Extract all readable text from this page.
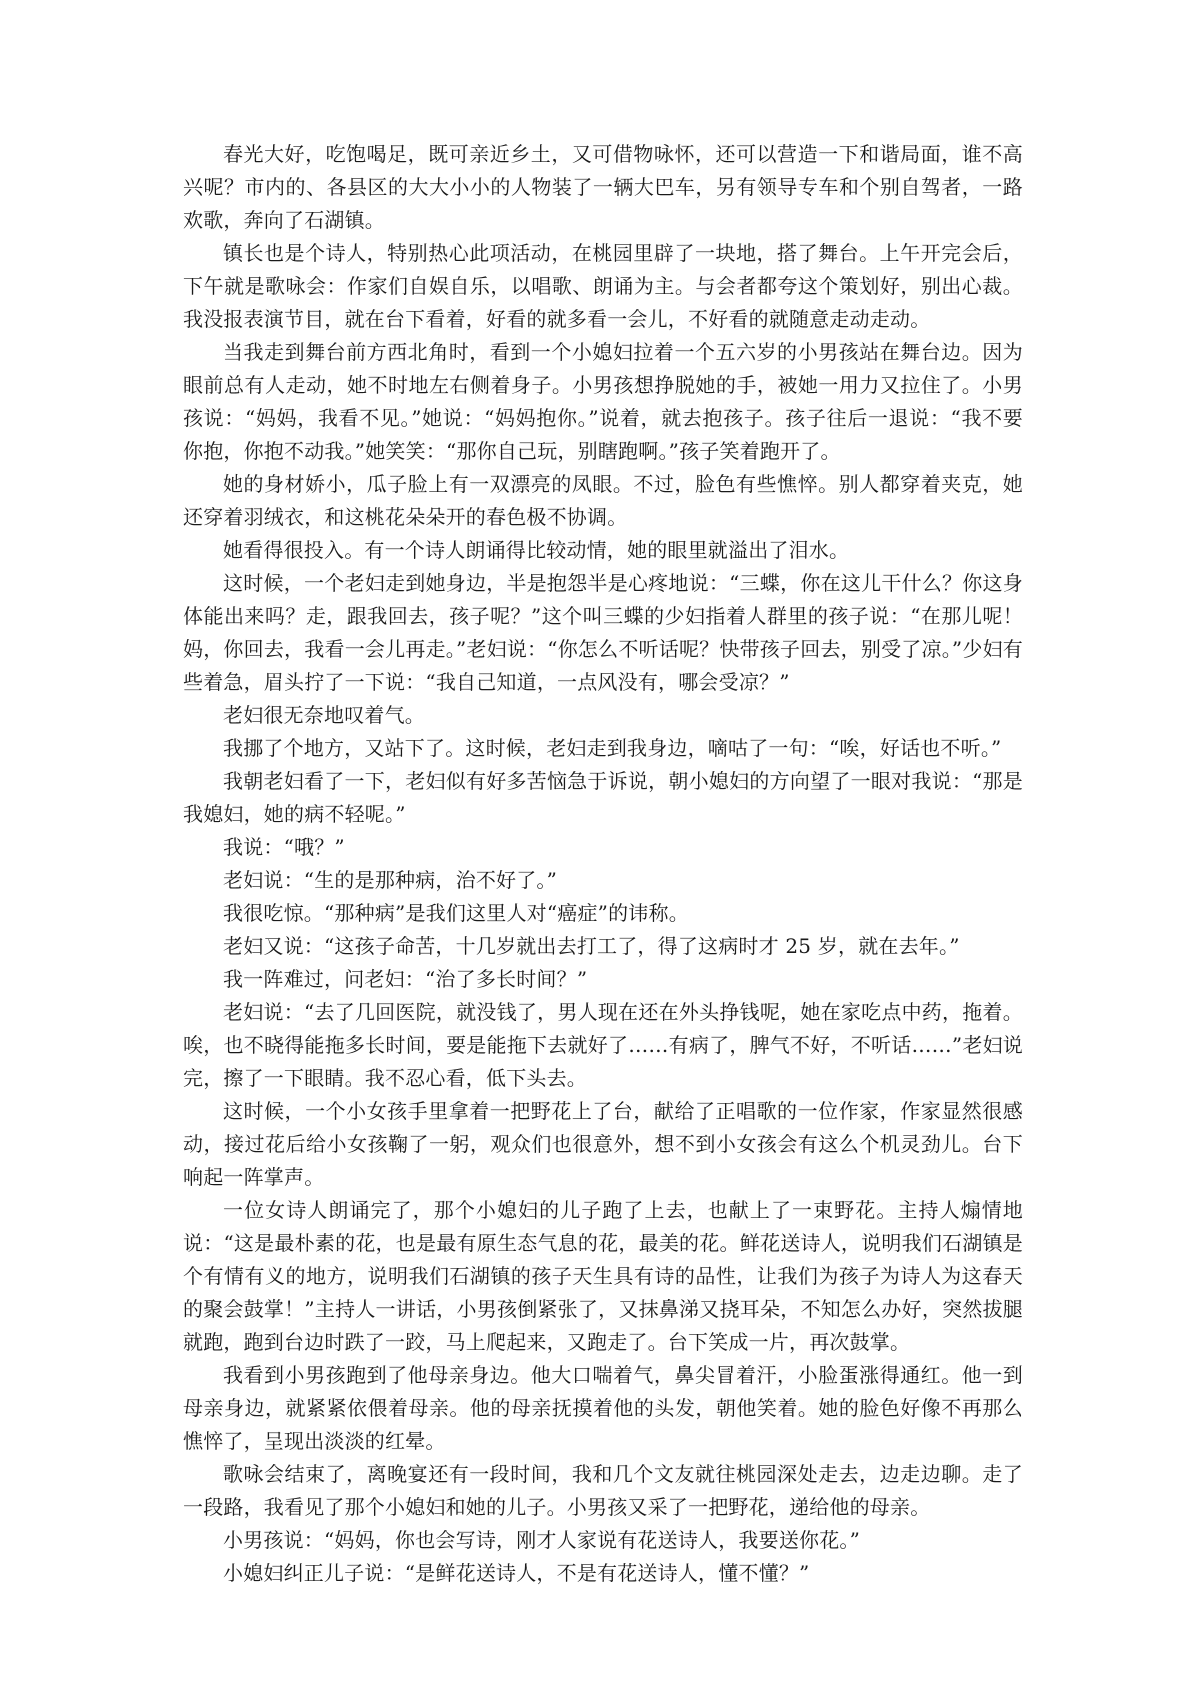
春光大好，吃饱喝足，既可亲近乡土，又可借物咏怀，还可以营造一下和谐局面，谁不高兴呢？市内的、各县区的大大小小的人物装了一辆大巴车，另有领导专车和个别自驾者，一路欢歌，奔向了石湖镇。

镇长也是个诗人，特别热心此项活动，在桃园里辟了一块地，搭了舞台。上午开完会后，下午就是歌咏会：作家们自娱自乐，以唱歌、朗诵为主。与会者都夸这个策划好，别出心裁。我没报表演节目，就在台下看着，好看的就多看一会儿，不好看的就随意走动走动。

当我走到舞台前方西北角时，看到一个小媳妇拉着一个五六岁的小男孩站在舞台边。因为眼前总有人走动，她不时地左右侧着身子。小男孩想挣脱她的手，被她一用力又拉住了。小男孩说：“妈妈，我看不见。”她说：“妈妈抱你。”说着，就去抱孩子。孩子往后一退说：“我不要你抱，你抱不动我。”她笑笑：“那你自己玩，别瞎跑啊。”孩子笑着跑开了。

她的身材娇小，瓜子脸上有一双漂亮的凤眼。不过，脸色有些憔悴。别人都穿着夹克，她还穿着羽绒衣，和这桃花朵朵开的春色极不协调。

她看得很投入。有一个诗人朗诵得比较动情，她的眼里就溢出了泪水。

这时候，一个老妇走到她身边，半是抱怨半是心疼地说：“三蝶，你在这儿干什么？你这身体能出来吗？走，跟我回去，孩子呢？”这个叫三蝶的少妇指着人群里的孩子说：“在那儿呢！妈，你回去，我看一会儿再走。”老妇说：“你怎么不听话呢？快带孩子回去，别受了凉。”少妇有些着急，眉头拧了一下说：“我自己知道，一点风没有，哪会受凉？”

老妇很无奈地叹着气。

我挪了个地方，又站下了。这时候，老妇走到我身边，嘀咕了一句：“唉，好话也不听。”

我朝老妇看了一下，老妇似有好多苦恼急于诉说，朝小媳妇的方向望了一眼对我说：“那是我媳妇，她的病不轻呢。”

我说：“哦？”

老妇说：“生的是那种病，治不好了。”

我很吃惊。“那种病”是我们这里人对“癌症”的讳称。

老妇又说：“这孩子命苦，十几岁就出去打工了，得了这病时才 25 岁，就在去年。”

我一阵难过，问老妇：“治了多长时间？”

老妇说：“去了几回医院，就没钱了，男人现在还在外头挣钱呢，她在家吃点中药，拖着。唉，也不晓得能拖多长时间，要是能拖下去就好了……有病了，脾气不好，不听话……”老妇说完，擦了一下眼睛。我不忍心看，低下头去。

这时候，一个小女孩手里拿着一把野花上了台，献给了正唱歌的一位作家，作家显然很感动，接过花后给小女孩鞠了一躬，观众们也很意外，想不到小女孩会有这么个机灵劲儿。台下响起一阵掌声。

一位女诗人朗诵完了，那个小媳妇的儿子跑了上去，也献上了一束野花。主持人煽情地说：“这是最朴素的花，也是最有原生态气息的花，最美的花。鲜花送诗人，说明我们石湖镇是个有情有义的地方，说明我们石湖镇的孩子天生具有诗的品性，让我们为孩子为诗人为这春天的聚会鼓掌！”主持人一讲话，小男孩倒紧张了，又抹鼻涕又挠耳朵，不知怎么办好，突然拔腿就跑，跑到台边时跌了一跤，马上爬起来，又跑走了。台下笑成一片，再次鼓掌。

我看到小男孩跑到了他母亲身边。他大口喘着气，鼻尖冒着汗，小脸蛋涨得通红。他一到母亲身边，就紧紧依偎着母亲。他的母亲抚摸着他的头发，朝他笑着。她的脸色好像不再那么憔悴了，呈现出淡淡的红晕。

歌咏会结束了，离晚宴还有一段时间，我和几个文友就往桃园深处走去，边走边聊。走了一段路，我看见了那个小媳妇和她的儿子。小男孩又采了一把野花，递给他的母亲。

小男孩说：“妈妈，你也会写诗，刚才人家说有花送诗人，我要送你花。”

小媳妇纠正儿子说：“是鲜花送诗人，不是有花送诗人，懂不懂？”
